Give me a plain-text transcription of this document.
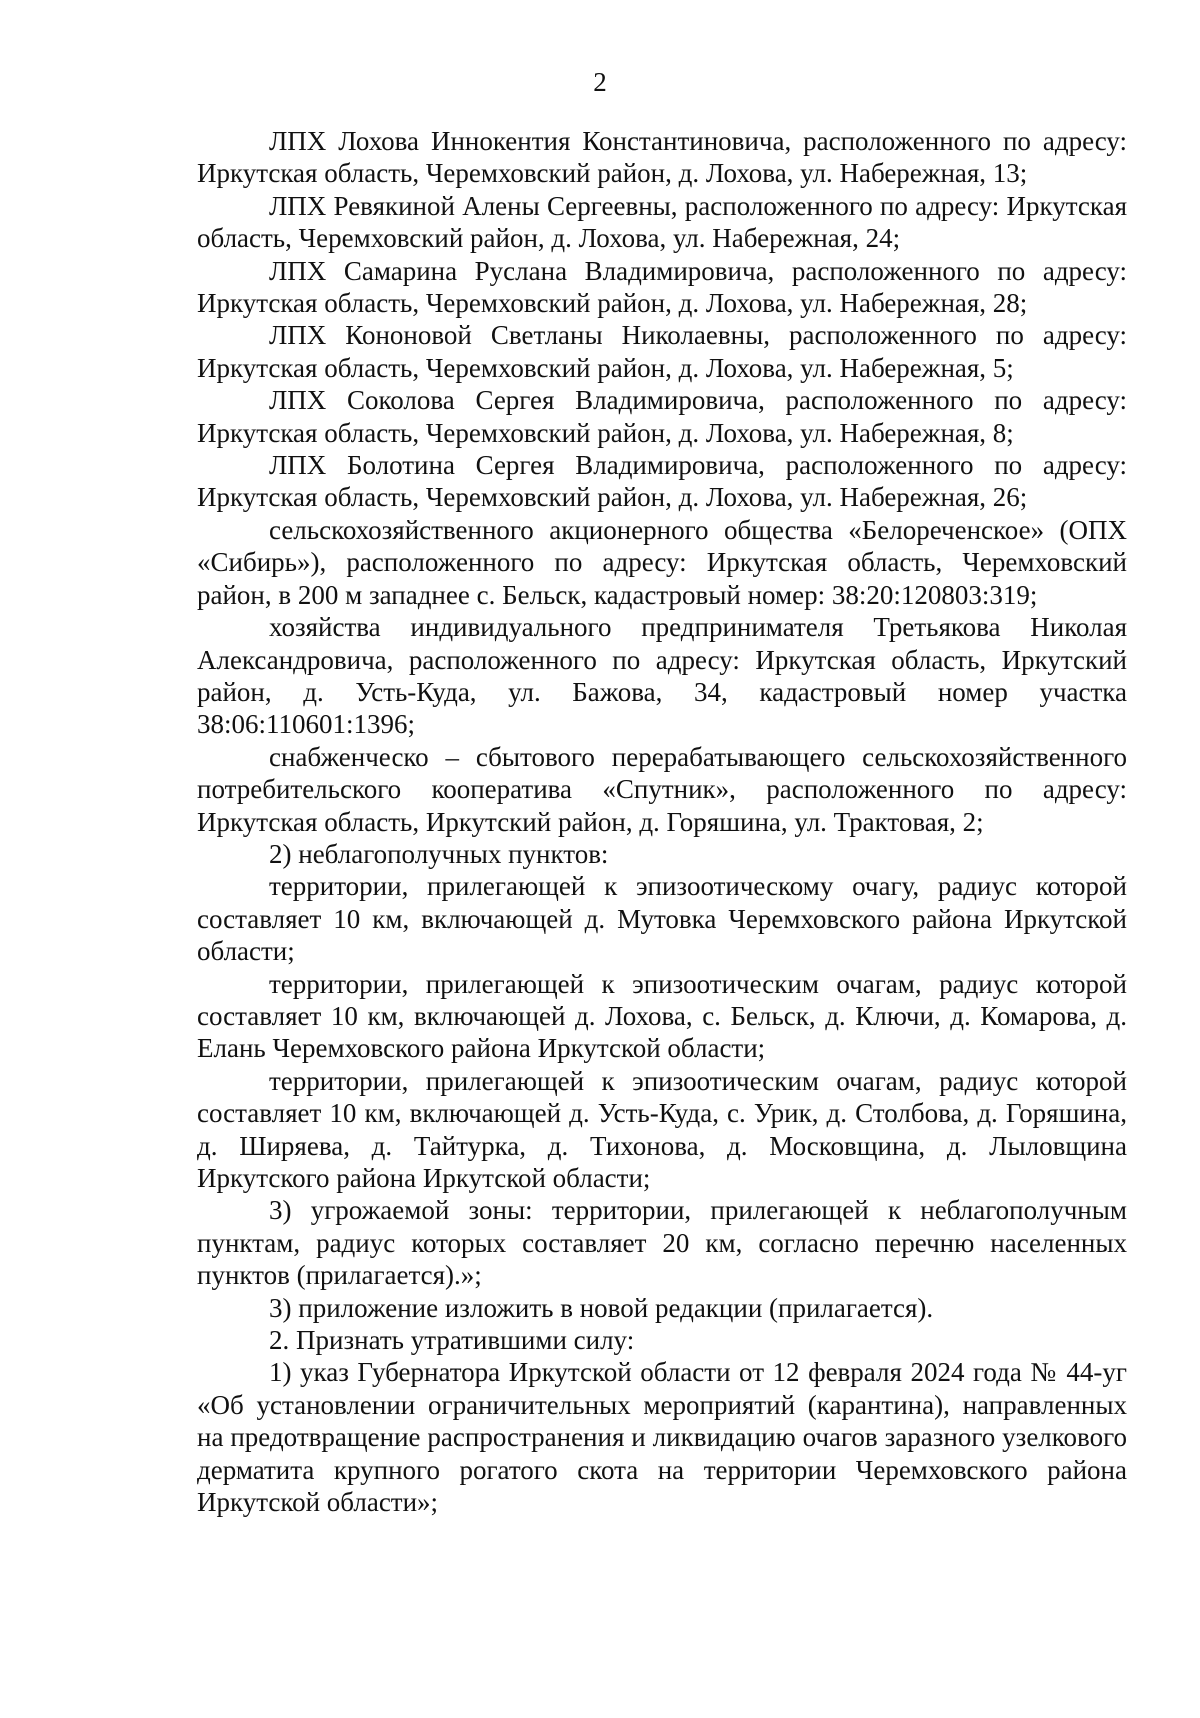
2

ЛПХ Лохова Иннокентия Константиновича, расположенного по адресу: Иркутская область, Черемховский район, д. Лохова, ул. Набережная, 13;

ЛПХ Ревякиной Алены Сергеевны, расположенного по адресу: Иркутская область, Черемховский район, д. Лохова, ул. Набережная, 24;

ЛПХ Самарина Руслана Владимировича, расположенного по адресу: Иркутская область, Черемховский район, д. Лохова, ул. Набережная, 28;

ЛПХ Кононовой Светланы Николаевны, расположенного по адресу: Иркутская область, Черемховский район, д. Лохова, ул. Набережная, 5;

ЛПХ Соколова Сергея Владимировича, расположенного по адресу: Иркутская область, Черемховский район, д. Лохова, ул. Набережная, 8;

ЛПХ Болотина Сергея Владимировича, расположенного по адресу: Иркутская область, Черемховский район, д. Лохова, ул. Набережная, 26;

сельскохозяйственного акционерного общества «Белореченское» (ОПХ «Сибирь»), расположенного по адресу: Иркутская область, Черемховский район, в 200 м западнее с. Бельск, кадастровый номер: 38:20:120803:319;

хозяйства индивидуального предпринимателя Третьякова Николая Александровича, расположенного по адресу: Иркутская область, Иркутский район, д. Усть-Куда, ул. Бажова, 34, кадастровый номер участка 38:06:110601:1396;

снабженческо – сбытового перерабатывающего сельскохозяйственного потребительского кооператива «Спутник», расположенного по адресу: Иркутская область, Иркутский район, д. Горяшина, ул. Трактовая, 2;

2) неблагополучных пунктов:

территории, прилегающей к эпизоотическому очагу, радиус которой составляет 10 км, включающей д. Мутовка Черемховского района Иркутской области;

территории, прилегающей к эпизоотическим очагам, радиус которой составляет 10 км, включающей д. Лохова, с. Бельск, д. Ключи, д. Комарова, д. Елань Черемховского района Иркутской области;

территории, прилегающей к эпизоотическим очагам, радиус которой составляет 10 км, включающей д. Усть-Куда, с. Урик, д. Столбова, д. Горяшина, д. Ширяева, д. Тайтурка, д. Тихонова, д. Московщина, д. Лыловщина Иркутского района Иркутской области;

3) угрожаемой зоны: территории, прилегающей к неблагополучным пунктам, радиус которых составляет 20 км, согласно перечню населенных пунктов (прилагается).»;

3) приложение изложить в новой редакции (прилагается).

2. Признать утратившими силу:

1) указ Губернатора Иркутской области от 12 февраля 2024 года № 44-уг «Об установлении ограничительных мероприятий (карантина), направленных на предотвращение распространения и ликвидацию очагов заразного узелкового дерматита крупного рогатого скота на территории Черемховского района Иркутской области»;
